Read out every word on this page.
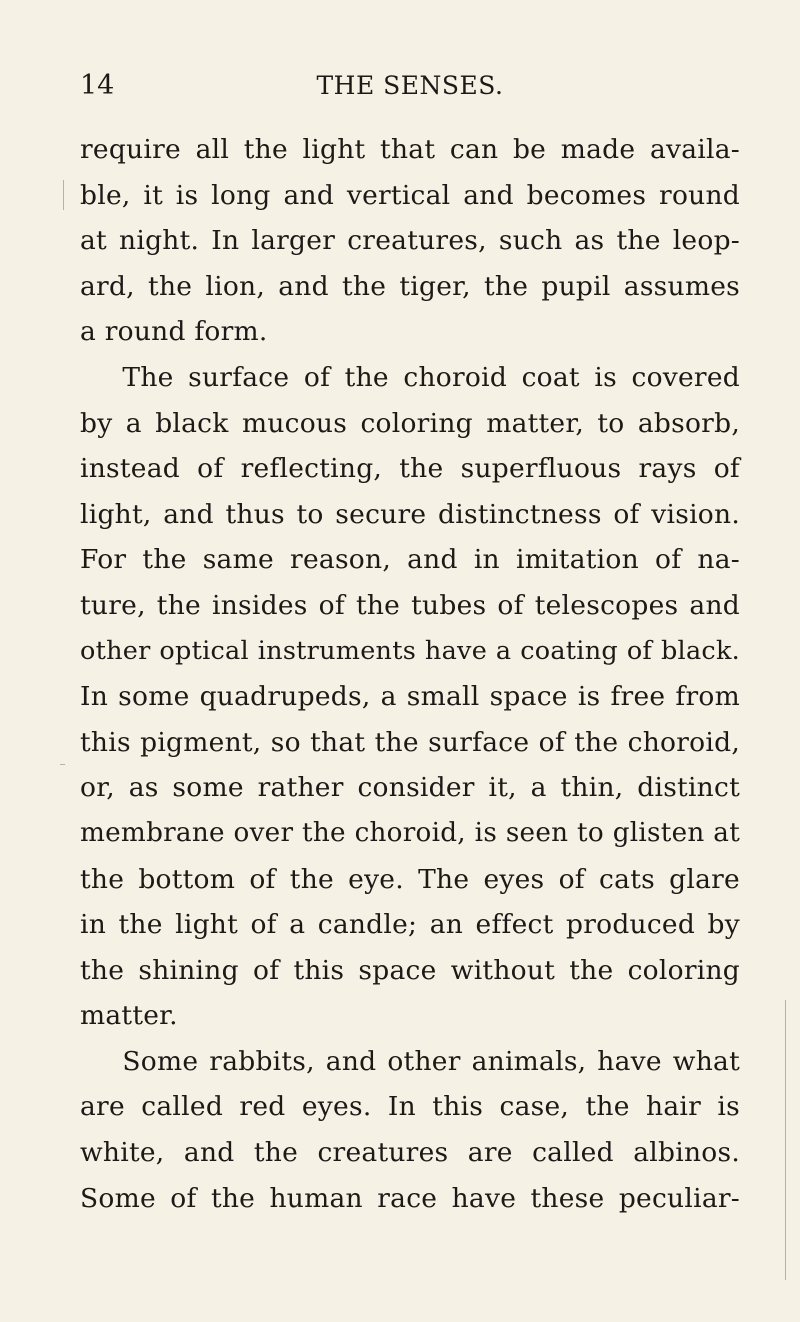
14	THE SENSES.
require all the light that can be made availa-
ble, it is long and vertical and becomes round
at night. In larger creatures, such as the leop-
ard, the lion, and the tiger, the pupil assumes
a round form.
The surface of the choroid coat is covered
by a black mucous coloring matter, to absorb,
instead of reflecting, the superfluous rays of
light, and thus to secure distinctness of vision.
For the same reason, and in imitation of na-
ture, the insides of the tubes of telescopes and
other optical instruments have a coating of black.
In some quadrupeds, a small space is free from
this pigment, so that the surface of the choroid,
or, as some rather consider it, a thin, distinct
membrane over the choroid, is seen to glisten at
the bottom of the eye. The eyes of cats glare
in the light of a candle; an effect produced by
the shining of this space without the coloring
matter.
Some rabbits, and other animals, have what
are called red eyes. In this case, the hair is
white, and the creatures are called albinos.
Some of the human race have these peculiar-
